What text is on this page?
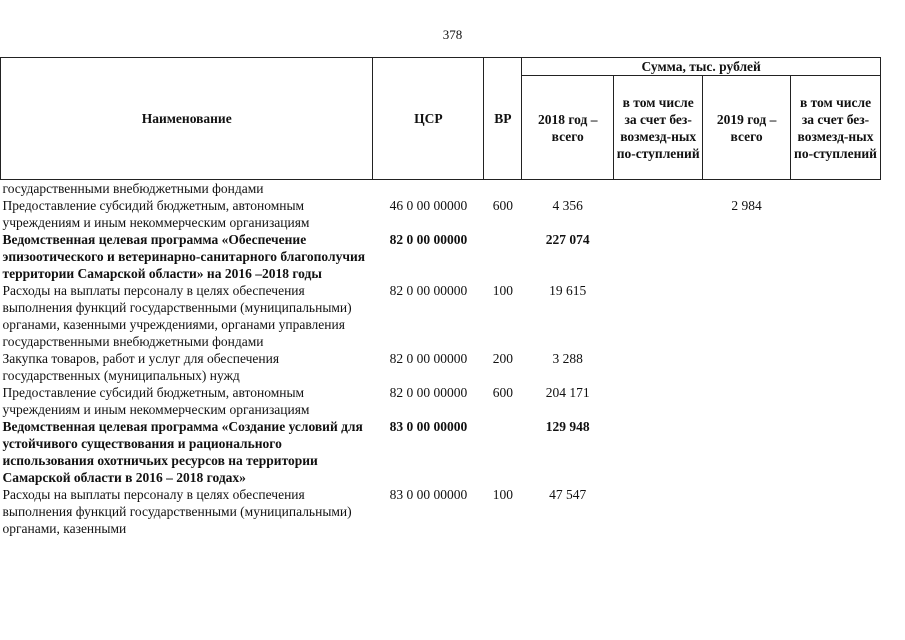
378
Наименование	ЦСР	ВР	Сумма, тыс. рублей			
			2018 год – всего	в том числе за счет без-возмезд-ных по-ступлений	2019 год – всего	в том числе за счет без-возмезд-ных по-ступлений
государственными внебюджетными фондами						
Предоставление субсидий бюджетным, автономным учреждениям и иным некоммерческим организациям	46 0 00 00000	600	4 356		2 984	
Ведомственная целевая программа «Обеспечение эпизоотического и ветеринарно-санитарного благополучия территории Самарской области» на 2016 –2018 годы	82 0 00 00000		227 074			
Расходы на выплаты персоналу в целях обеспечения выполнения функций государственными (муниципальными) органами, казенными учреждениями, органами управления государственными внебюджетными фондами	82 0 00 00000	100	19 615			
Закупка товаров, работ и услуг для обеспечения государственных (муниципальных) нужд	82 0 00 00000	200	3 288			
Предоставление субсидий бюджетным, автономным учреждениям и иным некоммерческим организациям	82 0 00 00000	600	204 171			
Ведомственная целевая программа «Создание условий для устойчивого существования и рационального использования охотничьих ресурсов на территории Самарской области в 2016 – 2018 годах»	83 0 00 00000		129 948			
Расходы на выплаты персоналу в целях обеспечения выполнения функций государственными (муниципальными) органами, казенными	83 0 00 00000	100	47 547			
